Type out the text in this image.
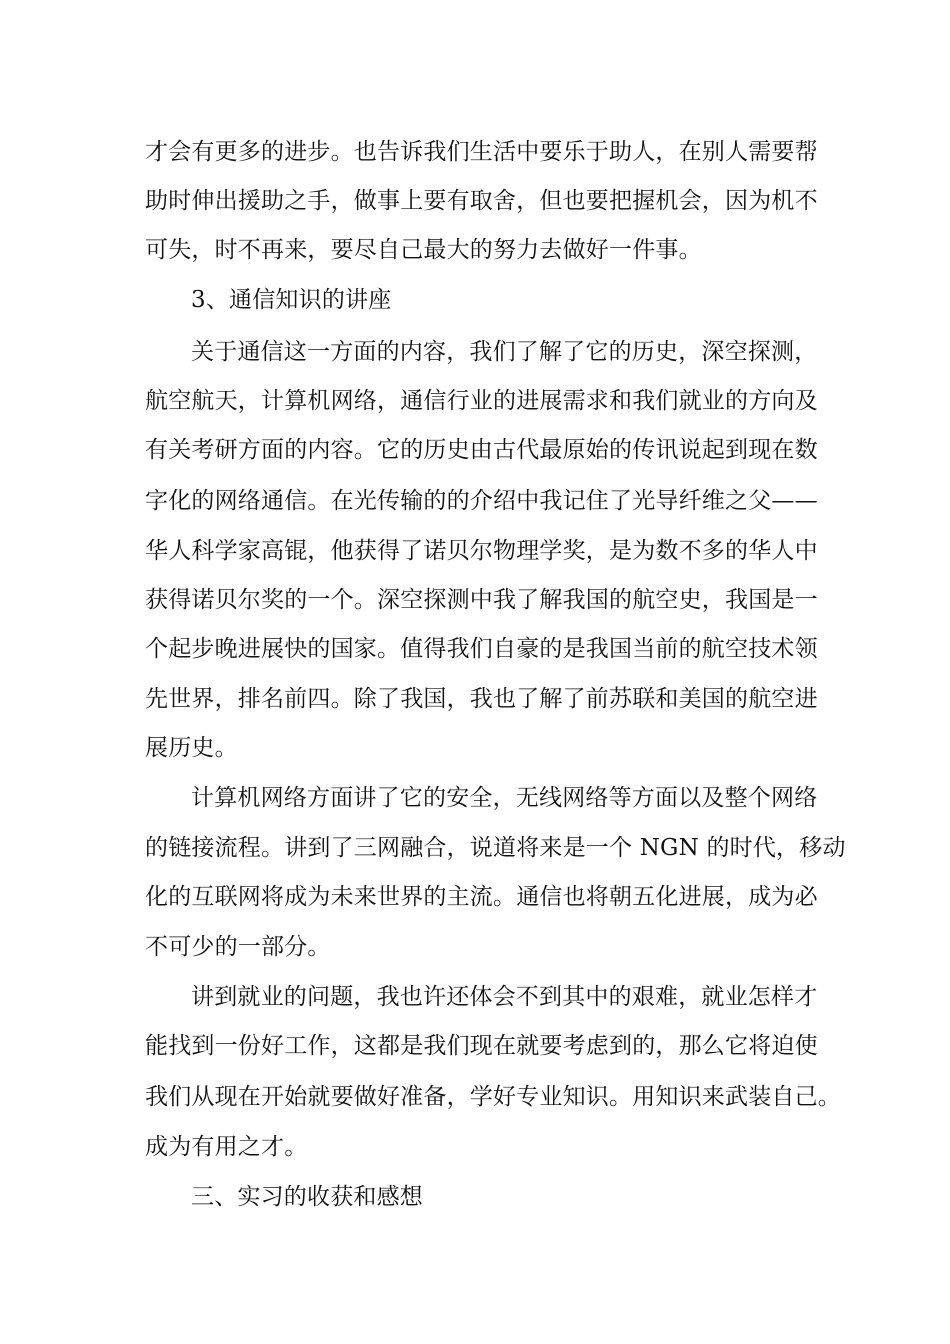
才会有更多的进步。也告诉我们生活中要乐于助人，在别人需要帮
助时伸出援助之手，做事上要有取舍，但也要把握机会，因为机不
可失，时不再来，要尽自己最大的努力去做好一件事。
3、通信知识的讲座
关于通信这一方面的内容，我们了解了它的历史，深空探测，
航空航天，计算机网络，通信行业的进展需求和我们就业的方向及
有关考研方面的内容。它的历史由古代最原始的传讯说起到现在数
字化的网络通信。在光传输的的介绍中我记住了光导纤维之父——
华人科学家高锟，他获得了诺贝尔物理学奖，是为数不多的华人中
获得诺贝尔奖的一个。深空探测中我了解我国的航空史，我国是一
个起步晚进展快的国家。值得我们自豪的是我国当前的航空技术领
先世界，排名前四。除了我国，我也了解了前苏联和美国的航空进
展历史。
计算机网络方面讲了它的安全，无线网络等方面以及整个网络
的链接流程。讲到了三网融合，说道将来是一个 NGN 的时代，移动
化的互联网将成为未来世界的主流。通信也将朝五化进展，成为必
不可少的一部分。
讲到就业的问题，我也许还体会不到其中的艰难，就业怎样才
能找到一份好工作，这都是我们现在就要考虑到的，那么它将迫使
我们从现在开始就要做好准备，学好专业知识。用知识来武装自己。
成为有用之才。
三、实习的收获和感想
